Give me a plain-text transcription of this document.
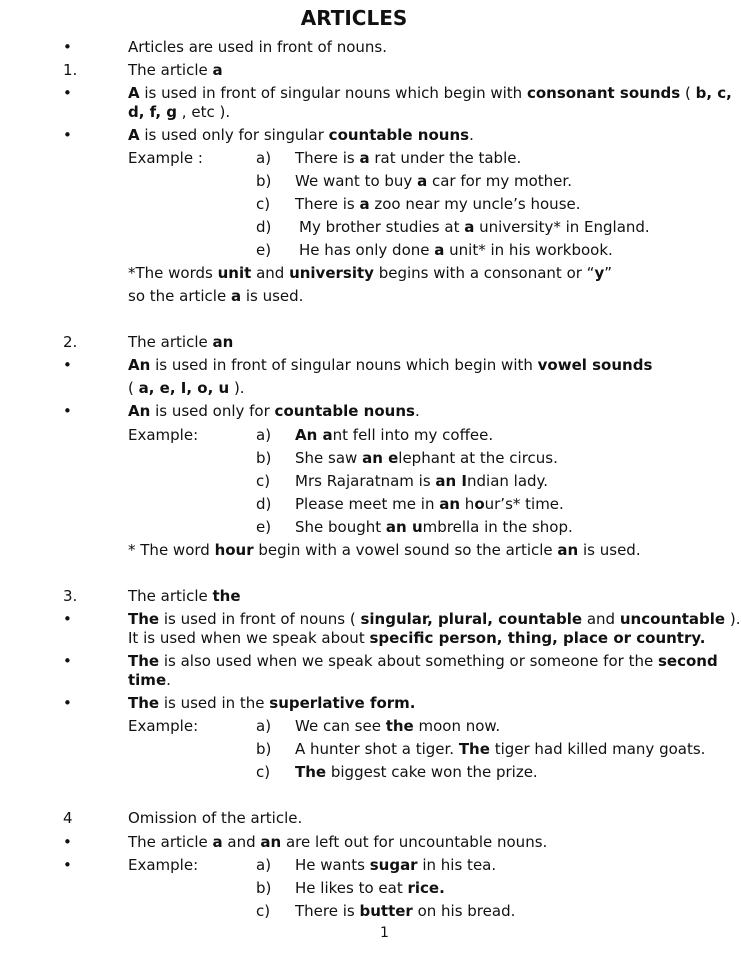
ARTICLES
•	Articles are used in front of nouns.
1.	The article a
•	A is used in front of singular nouns which begin with consonant sounds ( b, c,
d, f, g , etc ).
•	A is used only for singular countable nouns.
Example :	a) There is a rat under the table.
b) We want to buy a car for my mother.
c) There is a zoo near my uncle’s house.
d) My brother studies at a university* in England.
e) He has only done a unit* in his workbook.
*The words unit and university begins with a consonant or “y”
so the article a is used.
2.	The article an
•	An is used in front of singular nouns which begin with vowel sounds
( a, e, I, o, u ).
•	An is used only for countable nouns.
Example:	a) An ant fell into my coffee.
b) She saw an elephant at the circus.
c) Mrs Rajaratnam is an Indian lady.
d) Please meet me in an hour’s* time.
e) She bought an umbrella in the shop.
* The word hour begin with a vowel sound so the article an is used.
3.	The article the
•	The is used in front of nouns ( singular, plural, countable and uncountable ).
It is used when we speak about specific person, thing, place or country.
•	The is also used when we speak about something or someone for the second
time.
•	The is used in the superlative form.
Example:	a) We can see the moon now.
b) A hunter shot a tiger. The tiger had killed many goats.
c) The biggest cake won the prize.
4	Omission of the article.
•	The article a and an are left out for uncountable nouns.
•	Example:	a) He wants sugar in his tea.
b) He likes to eat rice.
c) There is butter on his bread.
1
